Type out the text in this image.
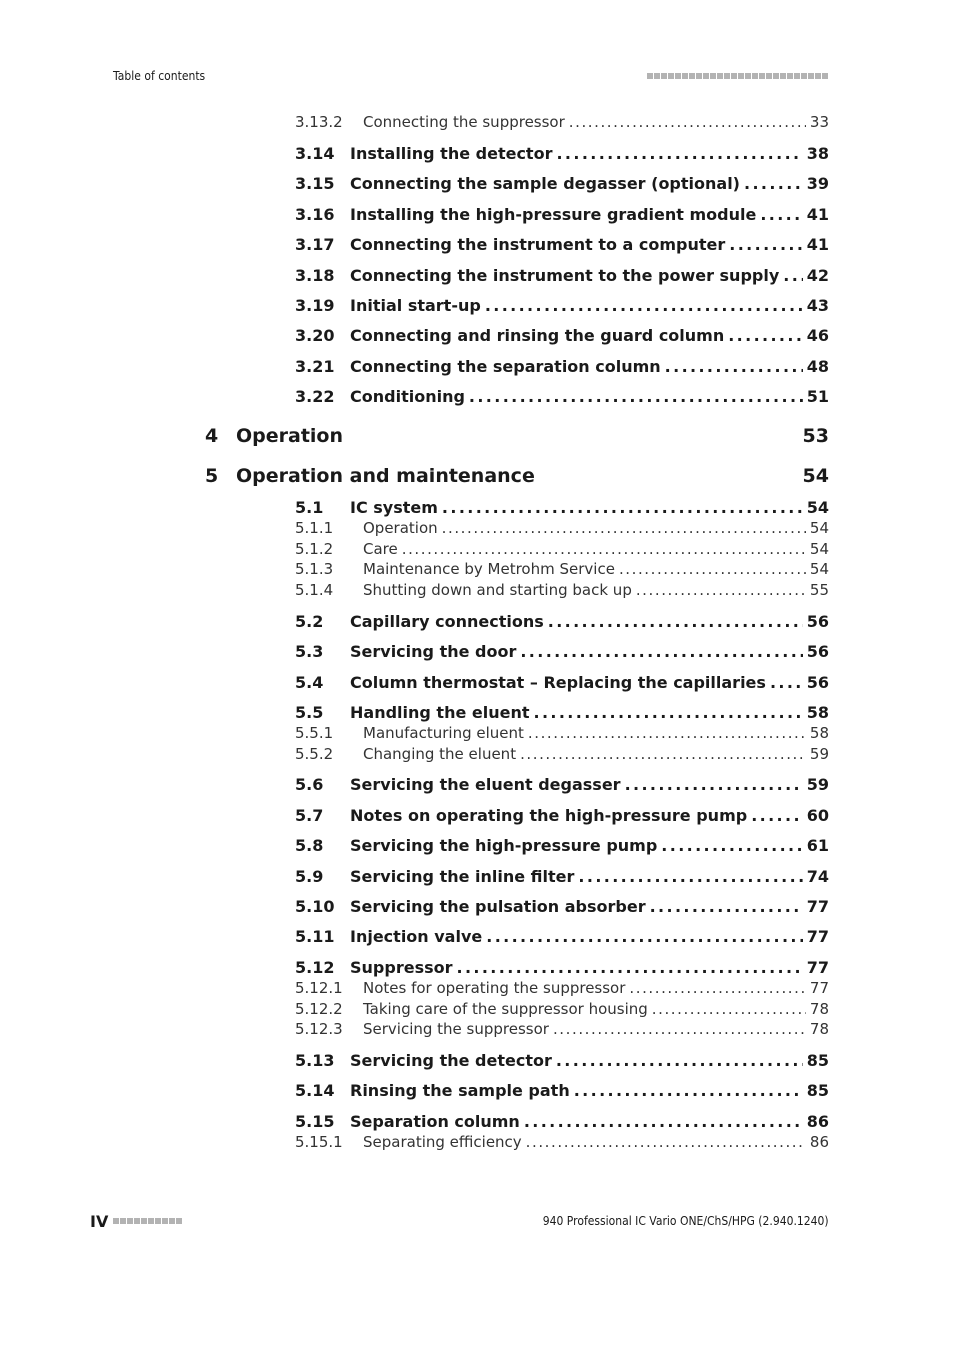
Table of contents
3.13.2	Connecting the suppressor . . .	33
3.14 Installing the detector . . .	38
3.15 Connecting the sample degasser (optional) . . .	39
3.16 Installing the high-pressure gradient module . . .	41
3.17 Connecting the instrument to a computer . . .	41
3.18 Connecting the instrument to the power supply . . . 42
3.19 Initial start-up . . .	43
3.20 Connecting and rinsing the guard column . . .	46
3.21 Connecting the separation column . . .	48
3.22 Conditioning . . .	51
4 Operation	53
5 Operation and maintenance	54
5.1	IC system . . .	54
5.1.1	Operation . . .	54
5.1.2	Care . . .	54
5.1.3	Maintenance by Metrohm Service . . .	54
5.1.4	Shutting down and starting back up . . .	55
5.2	Capillary connections . . .	56
5.3	Servicing the door . . .	56
5.4	Column thermostat – Replacing the capillaries . . .	56
5.5	Handling the eluent . . .	58
5.5.1	Manufacturing eluent . . .	58
5.5.2	Changing the eluent . . .	59
5.6	Servicing the eluent degasser . . .	59
5.7	Notes on operating the high-pressure pump . . .	60
5.8	Servicing the high-pressure pump . . .	61
5.9	Servicing the inline filter . . .	74
5.10 Servicing the pulsation absorber . . .	77
5.11 Injection valve . . .	77
5.12 Suppressor . . .	77
5.12.1	Notes for operating the suppressor . . .	77
5.12.2	Taking care of the suppressor housing . . .	78
5.12.3	Servicing the suppressor . . .	78
5.13 Servicing the detector . . .	85
5.14 Rinsing the sample path . . .	85
5.15 Separation column . . .	86
5.15.1	Separating efficiency . . .	86
IV	940 Professional IC Vario ONE/ChS/HPG (2.940.1240)
